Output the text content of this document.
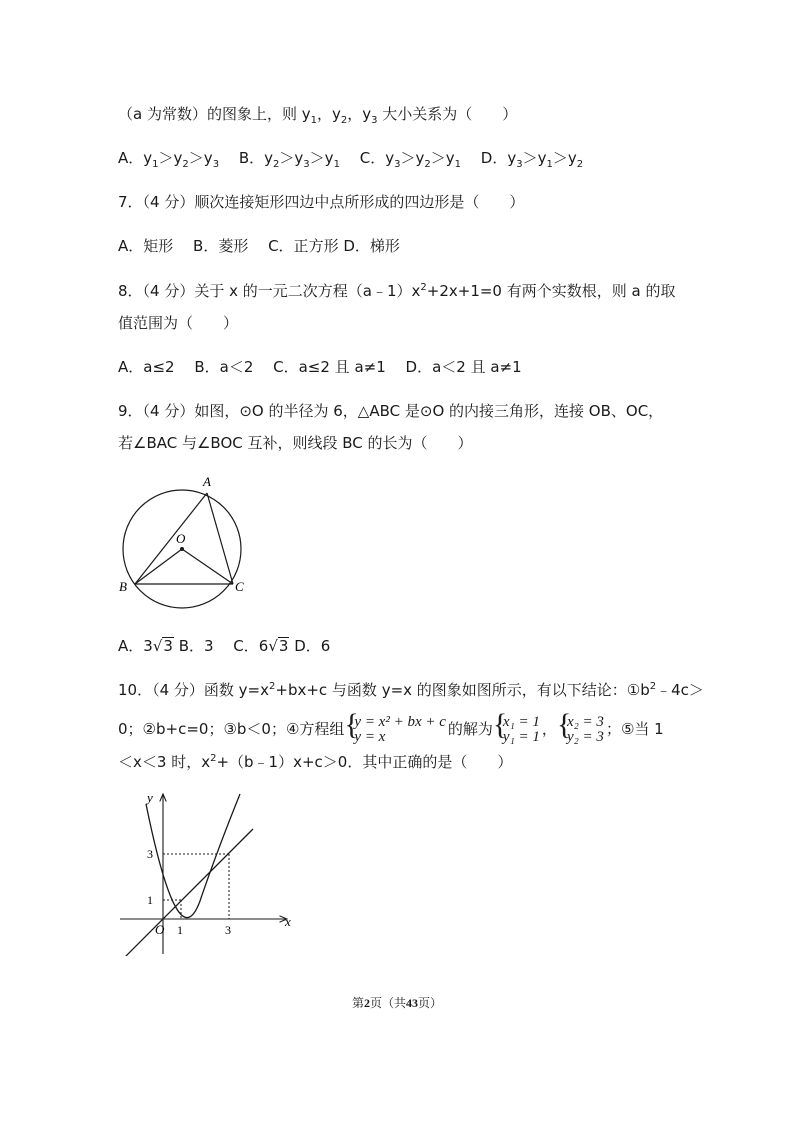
（a 为常数）的图象上，则 $y_1$，$y_2$，$y_3$ 大小关系为（　　）
A．$y_1>y_2>y_3$　 B．$y_2>y_3>y_1$　 C．$y_3>y_2>y_1$　 D．$y_3>y_1>y_2$
7．（4 分）顺次连接矩形四边中点所形成的四边形是（　　）
A．矩形　 B．菱形　 C．正方形 D．梯形
8．（4 分）关于 x 的一元二次方程$(a﹣1)x^2+2x+1=0$ 有两个实数根，则 a 的取
值范围为（　　）
A．a≤2　 B．a＜2　 C．a≤2 且 a≠1　 D．a＜2 且 a≠1
9．（4 分）如图，⊙O 的半径为 6，△ABC 是⊙O 的内接三角形，连接 OB、OC，
若∠BAC 与∠BOC 互补，则线段 BC 的长为（　　）
A
O
B	C
A．3√3 B．3　 C．6√3 D．6
10．（4 分）函数 $y=x^2+bx+c$ 与函数 y=x 的图象如图所示，有以下结论：$①b^2﹣4c>$
0；②b+c=0；③b＜0；④方程组 { y = x² + bx + c
y = x	的解为 { x₁ = 1
y₁ = 1 ， { x₂ = 3
y₂ = 3 ；⑤当 1
＜x＜3 时，$x^2+(b﹣1)x+c>0$．其中正确的是（　　）
y
x
O 1	3
1
3
第2页（共43页）
